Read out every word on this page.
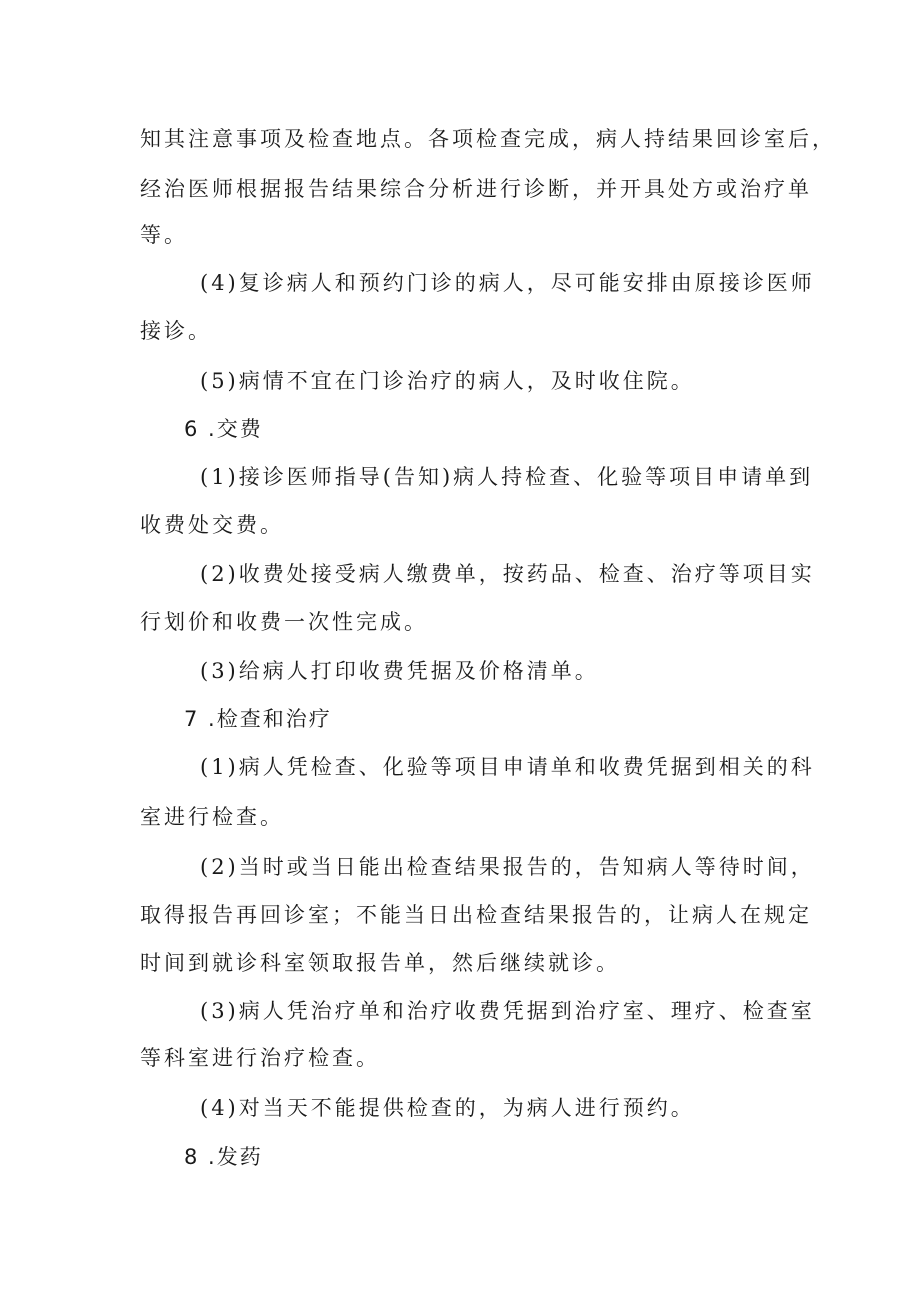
知其注意事项及检查地点。各项检查完成，病人持结果回诊室后，
经治医师根据报告结果综合分析进行诊断，并开具处方或治疗单
等。
(4)复诊病人和预约门诊的病人，尽可能安排由原接诊医师
接诊。
(5)病情不宜在门诊治疗的病人，及时收住院。
6 .交费
(1)接诊医师指导(告知)病人持检查、化验等项目申请单到
收费处交费。
(2)收费处接受病人缴费单，按药品、检查、治疗等项目实
行划价和收费一次性完成。
(3)给病人打印收费凭据及价格清单。
7 .检查和治疗
(1)病人凭检查、化验等项目申请单和收费凭据到相关的科
室进行检查。
(2)当时或当日能出检查结果报告的，告知病人等待时间，
取得报告再回诊室；不能当日出检查结果报告的，让病人在规定
时间到就诊科室领取报告单，然后继续就诊。
(3)病人凭治疗单和治疗收费凭据到治疗室、理疗、检查室
等科室进行治疗检查。
(4)对当天不能提供检查的，为病人进行预约。
8 .发药
